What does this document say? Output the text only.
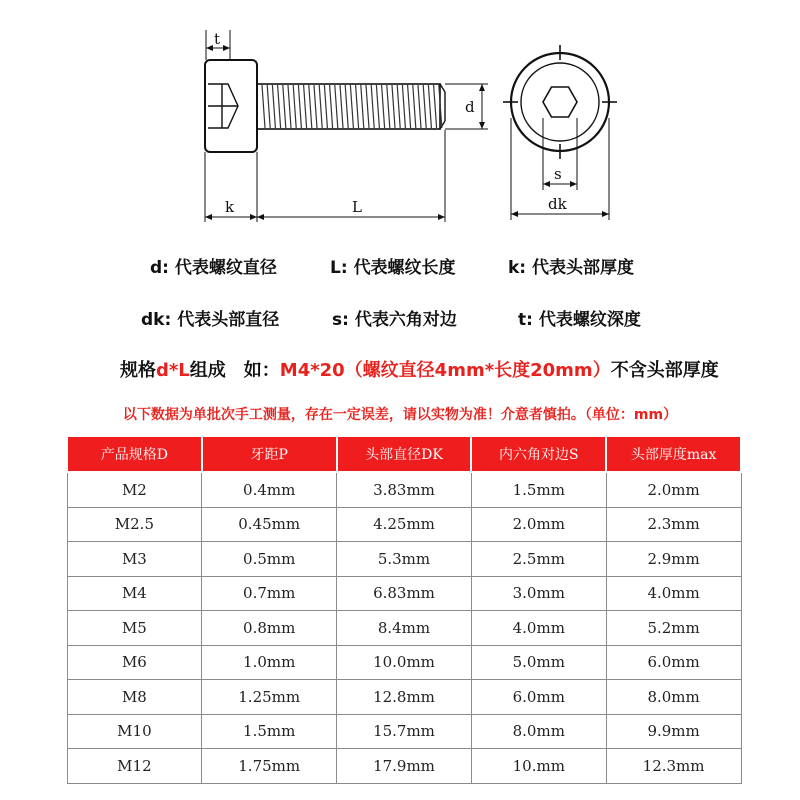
t
d
k	L
s
dk
d: 代表螺纹直径	L: 代表螺纹长度	k: 代表头部厚度
dk: 代表头部直径	s: 代表六角对边	t: 代表螺纹深度
规格d*L组成　如：M4*20（螺纹直径4mm*长度20mm）不含头部厚度
以下数据为单批次手工测量，存在一定误差，请以实物为准！介意者慎拍。（单位：mm）
产品规格D	牙距P	头部直径DK	内六角对边S	头部厚度max
M2	0.4mm	3.83mm	1.5mm	2.0mm
M2.5	0.45mm	4.25mm	2.0mm	2.3mm
M3	0.5mm	5.3mm	2.5mm	2.9mm
M4	0.7mm	6.83mm	3.0mm	4.0mm
M5	0.8mm	8.4mm	4.0mm	5.2mm
M6	1.0mm	10.0mm	5.0mm	6.0mm
M8	1.25mm	12.8mm	6.0mm	8.0mm
M10	1.5mm	15.7mm	8.0mm	9.9mm
M12	1.75mm	17.9mm	10.mm	12.3mm
